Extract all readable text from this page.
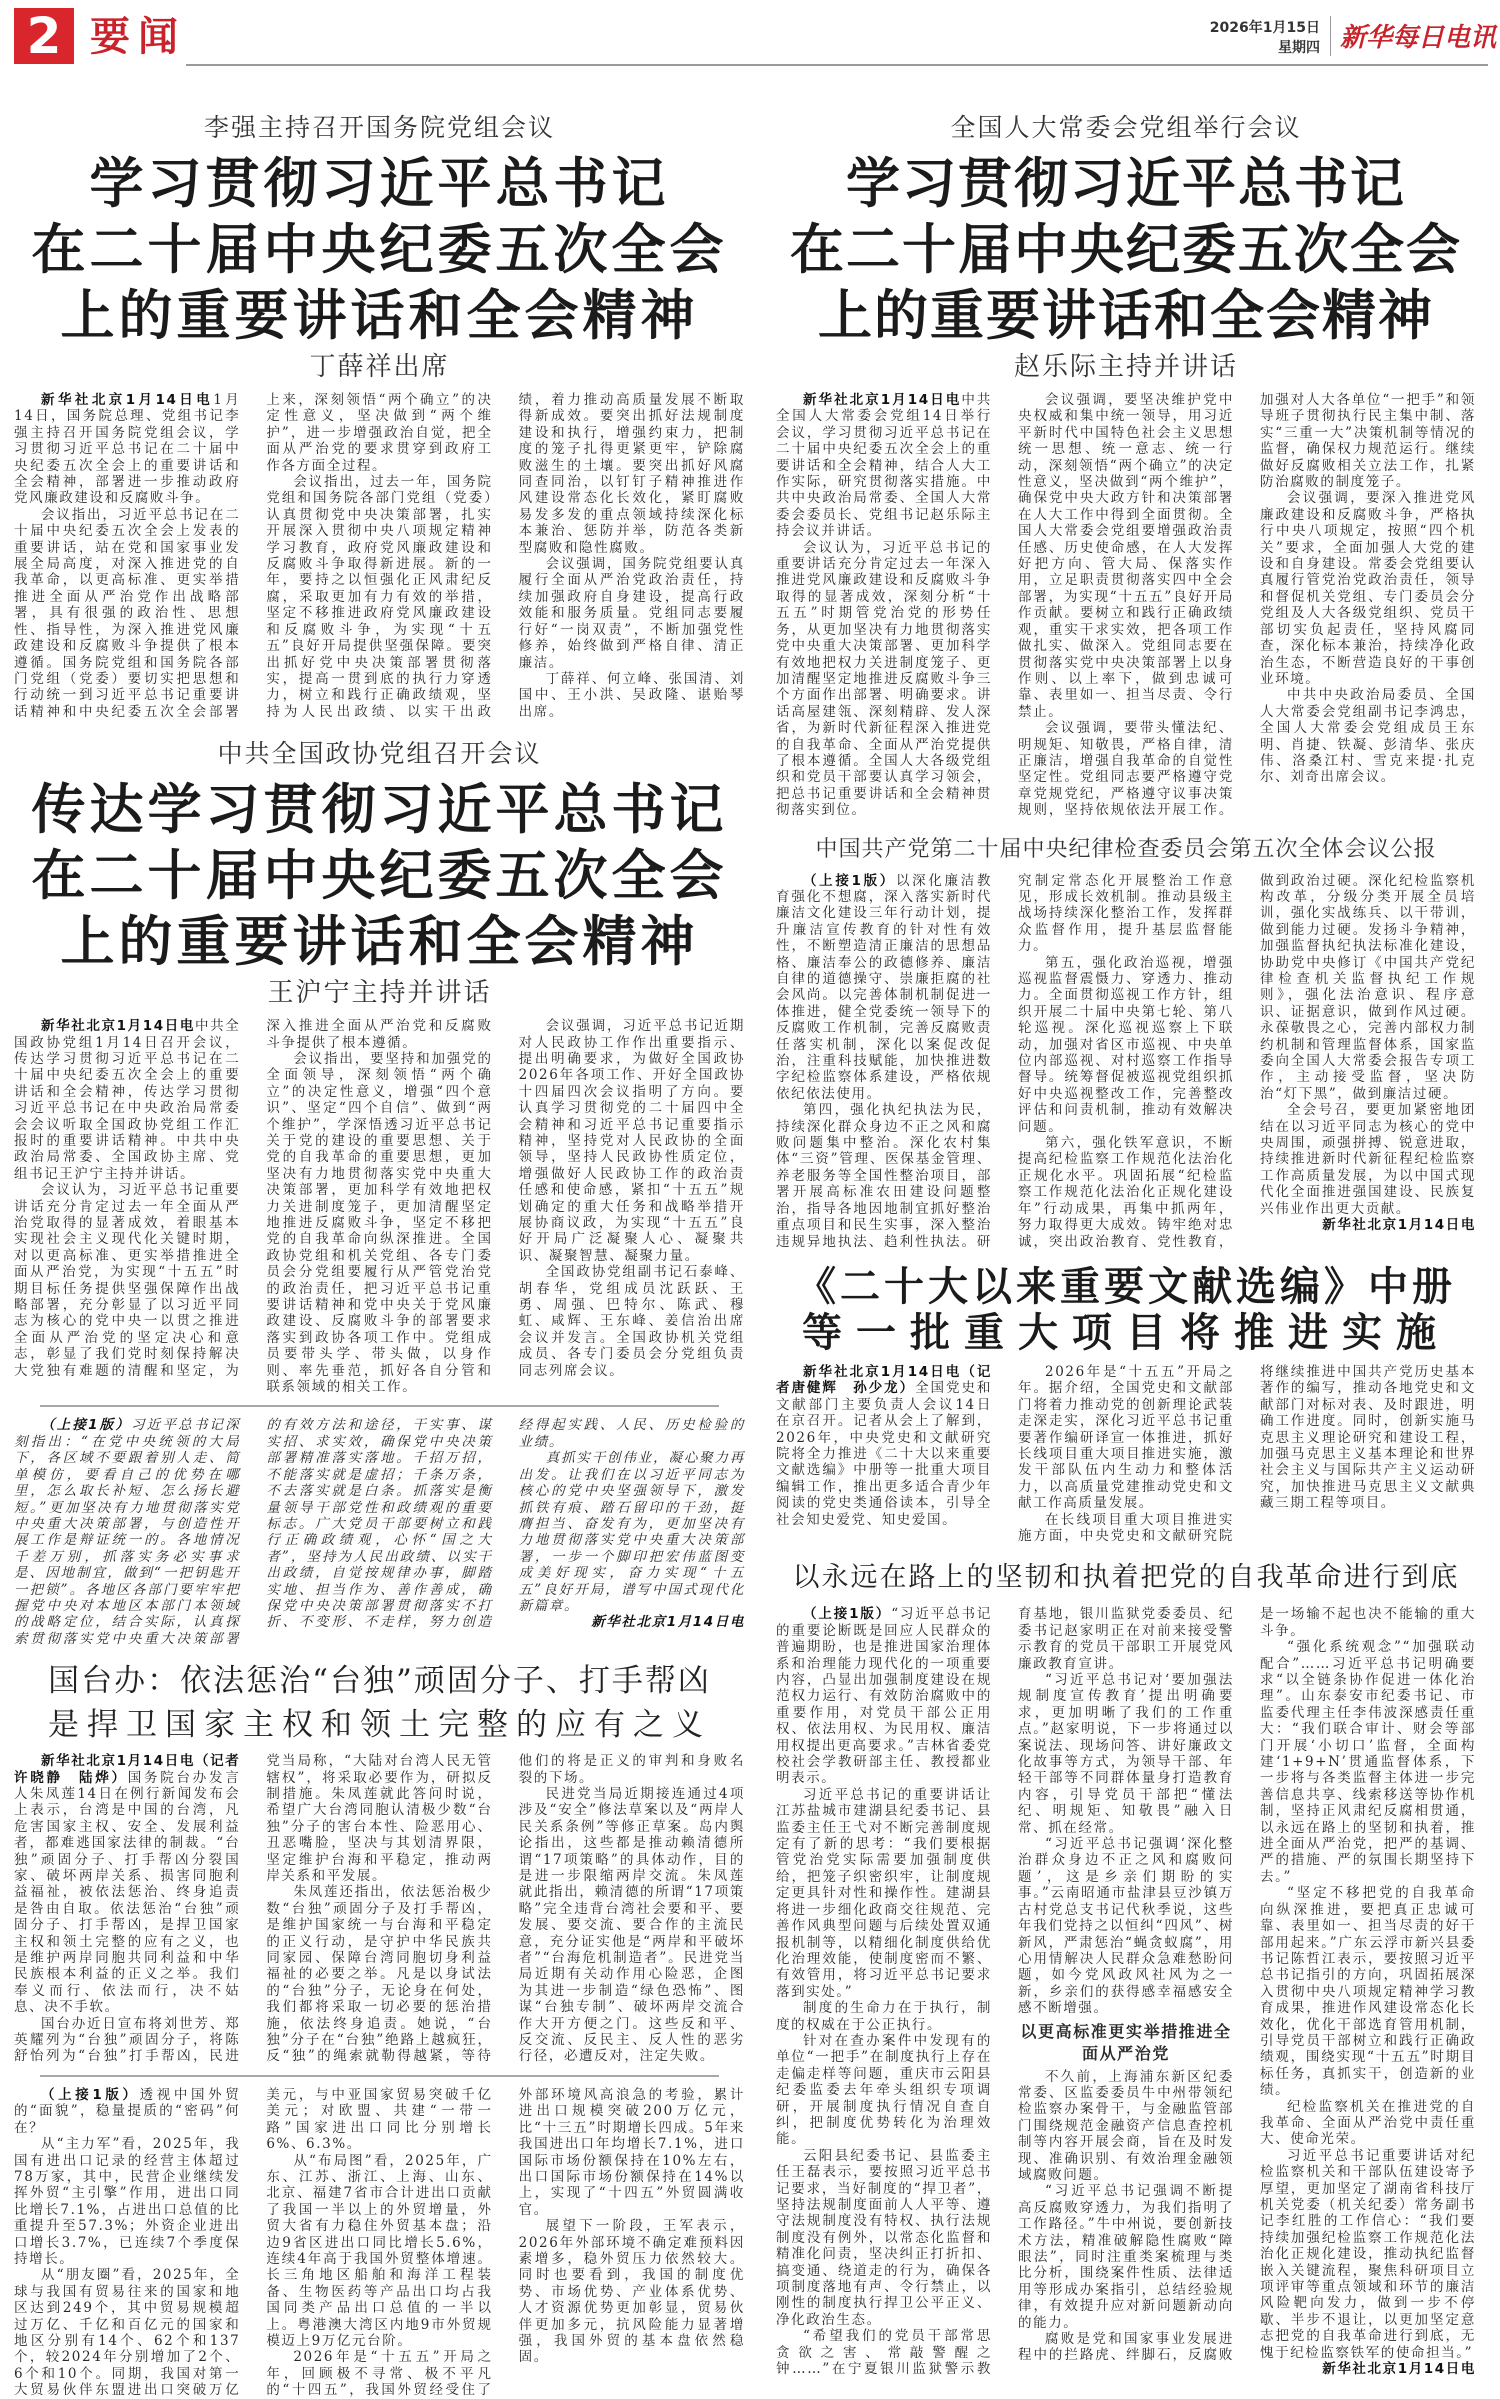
2 要闻	2026年1月15日
星期四 新华每日电讯
李强主持召开国务院党组会议
学习贯彻习近平总书记
在二十届中央纪委五次全会
上的重要讲话和全会精神
丁薛祥出席

新华社北京1月14日电1月14日，国务院总理、党组书记李强主持召开国务院党组会议，学习贯彻习近平总书记在二十届中央纪委五次全会上的重要讲话和全会精神，部署进一步推动政府党风廉政建设和反腐败斗争。

会议指出，习近平总书记在二十届中央纪委五次全会上发表的重要讲话，站在党和国家事业发展全局高度，对深入推进党的自我革命，以更高标准、更实举措推进全面从严治党作出战略部署，具有很强的政治性、思想性、指导性，为深入推进党风廉政建设和反腐败斗争提供了根本遵循。国务院党组和国务院各部门党组（党委）要切实把思想和行动统一到习近平总书记重要讲话精神和中央纪委五次全会部署上来，深刻领悟“两个确立”的决定性意义，坚决做到“两个维护”，进一步增强政治自觉，把全面从严治党的要求贯穿到政府工作各方面全过程。

会议指出，过去一年，国务院党组和国务院各部门党组（党委）认真贯彻党中央决策部署，扎实开展深入贯彻中央八项规定精神学习教育，政府党风廉政建设和反腐败斗争取得新进展。新的一年，要持之以恒强化正风肃纪反腐，采取更加有力有效的举措，坚定不移推进政府党风廉政建设和反腐败斗争，为实现“十五五”良好开局提供坚强保障。要突出抓好党中央决策部署贯彻落实，提高一贯到底的执行力穿透力，树立和践行正确政绩观，坚持为人民出政绩、以实干出政绩，着力推动高质量发展不断取得新成效。要突出抓好法规制度建设和执行，增强约束力，把制度的笼子扎得更紧更牢，铲除腐败滋生的土壤。要突出抓好风腐同查同治，以钉钉子精神推进作风建设常态化长效化，紧盯腐败易发多发的重点领域持续深化标本兼治、惩防并举，防范各类新型腐败和隐性腐败。

会议强调，国务院党组要认真履行全面从严治党政治责任，持续加强政府自身建设，提高行政效能和服务质量。党组同志要履行好“一岗双责”，不断加强党性修养，始终做到严格自律、清正廉洁。

丁薛祥、何立峰、张国清、刘国中、王小洪、吴政隆、谌贻琴出席。

中共全国政协党组召开会议
传达学习贯彻习近平总书记
在二十届中央纪委五次全会
上的重要讲话和全会精神
王沪宁主持并讲话

新华社北京1月14日电中共全国政协党组1月14日召开会议，传达学习贯彻习近平总书记在二十届中央纪委五次全会上的重要讲话和全会精神，传达学习贯彻习近平总书记在中央政治局常委会会议听取全国政协党组工作汇报时的重要讲话精神。中共中央政治局常委、全国政协主席、党组书记王沪宁主持并讲话。

会议认为，习近平总书记重要讲话充分肯定过去一年全面从严治党取得的显著成效，着眼基本实现社会主义现代化关键时期，对以更高标准、更实举措推进全面从严治党，为实现“十五五”时期目标任务提供坚强保障作出战略部署，充分彰显了以习近平同志为核心的党中央一以贯之推进全面从严治党的坚定决心和意志，彰显了我们党时刻保持解决大党独有难题的清醒和坚定，为深入推进全面从严治党和反腐败斗争提供了根本遵循。

会议指出，要坚持和加强党的全面领导，深刻领悟“两个确立”的决定性意义，增强“四个意识”、坚定“四个自信”、做到“两个维护”，学深悟透习近平总书记关于党的建设的重要思想、关于党的自我革命的重要思想，更加坚决有力地贯彻落实党中央重大决策部署，更加科学有效地把权力关进制度笼子，更加清醒坚定地推进反腐败斗争，坚定不移把党的自我革命向纵深推进。全国政协党组和机关党组、各专门委员会分党组要履行从严管党治党的政治责任，把习近平总书记重要讲话精神和党中央关于党风廉政建设、反腐败斗争的部署要求落实到政协各项工作中。党组成员要带头学、带头做，以身作则、率先垂范，抓好各自分管和联系领域的相关工作。

会议强调，习近平总书记近期对人民政协工作作出重要指示、提出明确要求，为做好全国政协2026年各项工作、开好全国政协十四届四次会议指明了方向。要认真学习贯彻党的二十届四中全会精神和习近平总书记重要指示精神，坚持党对人民政协的全面领导，坚持人民政协性质定位，增强做好人民政协工作的政治责任感和使命感，紧扣“十五五”规划确定的重大任务和战略举措开展协商议政，为实现“十五五”良好开局广泛凝聚人心、凝聚共识、凝聚智慧、凝聚力量。

全国政协党组副书记石泰峰、胡春华，党组成员沈跃跃、王勇、周强、巴特尔、陈武、穆虹、咸辉、王东峰、姜信治出席会议并发言。全国政协机关党组成员、各专门委员会分党组负责同志列席会议。

（上接1版）习近平总书记深刻指出：“在党中央统领的大局下，各区域不要跟着别人走、简单模仿，要看自己的优势在哪里，怎么取长补短、怎么扬长避短。”更加坚决有力地贯彻落实党中央重大决策部署，与创造性开展工作是辩证统一的。各地情况千差万别，抓落实务必实事求是、因地制宜，做到“一把钥匙开一把锁”。各地区各部门要牢牢把握党中央对本地区本部门本领域的战略定位，结合实际，认真探索贯彻落实党中央重大决策部署的有效方法和途径，干实事、谋实招、求实效，确保党中央决策部署精准落实落地。千招万招，不能落实就是虚招；千条万条，不去落实就是白条。抓落实是衡量领导干部党性和政绩观的重要标志。广大党员干部要树立和践行正确政绩观，心怀“国之大者”，坚持为人民出政绩、以实干出政绩，自觉按规律办事，脚踏实地、担当作为、善作善成，确保党中央决策部署贯彻落实不打折、不变形、不走样，努力创造经得起实践、人民、历史检验的业绩。

真抓实干创伟业，凝心聚力再出发。让我们在以习近平同志为核心的党中央坚强领导下，激发抓铁有痕、踏石留印的干劲，挺膺担当、奋发有为，更加坚决有力地贯彻落实党中央重大决策部署，一步一个脚印把宏伟蓝图变成美好现实，奋力实现“十五五”良好开局，谱写中国式现代化新篇章。

新华社北京1月14日电

国台办：依法惩治“台独”顽固分子、打手帮凶
是捍卫国家主权和领土完整的应有之义

新华社北京1月14日电（记者许晓静　陆烨）国务院台办发言人朱凤莲14日在例行新闻发布会上表示，台湾是中国的台湾，凡危害国家主权、安全、发展利益者，都难逃国家法律的制裁。“台独”顽固分子、打手帮凶分裂国家、破坏两岸关系、损害同胞利益福祉，被依法惩治、终身追责是咎由自取。依法惩治“台独”顽固分子、打手帮凶，是捍卫国家主权和领土完整的应有之义，也是维护两岸同胞共同利益和中华民族根本利益的正义之举。我们奉义而行、依法而行，决不姑息、决不手软。

国台办近日宣布将刘世芳、郑英耀列为“台独”顽固分子，将陈舒怡列为“台独”打手帮凶，民进党当局称，“大陆对台湾人民无管辖权”，将采取必要作为，研拟反制措施。朱凤莲就此答问时说，希望广大台湾同胞认清极少数“台独”分子的害台本性、险恶用心、丑恶嘴脸，坚决与其划清界限，坚定维护台海和平稳定，推动两岸关系和平发展。

朱凤莲还指出，依法惩治极少数“台独”顽固分子及打手帮凶，是维护国家统一与台海和平稳定的正义行动，是守护中华民族共同家园、保障台湾同胞切身利益福祉的必要之举。凡是以身试法的“台独”分子，无论身在何处，我们都将采取一切必要的惩治措施，依法终身追责。她说，“台独”分子在“台独”绝路上越疯狂，反“独”的绳索就勒得越紧，等待他们的将是正义的审判和身败名裂的下场。

民进党当局近期接连通过4项涉及“安全”修法草案以及“两岸人民关系条例”等修正草案。岛内舆论指出，这些都是推动赖清德所谓“17项策略”的具体动作，目的是进一步限缩两岸交流。朱凤莲就此指出，赖清德的所谓“17项策略”完全违背台湾社会要和平、要发展、要交流、要合作的主流民意，充分证实他是“两岸和平破坏者”“台海危机制造者”。民进党当局近期有关动作用心险恶，企图为其进一步制造“绿色恐怖”、图谋“台独专制”、破坏两岸交流合作大开方便之门。这些反和平、反交流、反民主、反人性的恶劣行径，必遭反对，注定失败。

（上接1版）透视中国外贸的“面貌”，稳量提质的“密码”何在？

从“主力军”看，2025年，我国有进出口记录的经营主体超过78万家，其中，民营企业继续发挥外贸“主引擎”作用，进出口同比增长7.1%，占进出口总值的比重提升至57.3%；外资企业进出口增长3.7%，已连续7个季度保持增长。

从“朋友圈”看，2025年，全球与我国有贸易往来的国家和地区达到249个，其中贸易规模超过万亿、千亿和百亿元的国家和地区分别有14个、62个和137个，较2024年分别增加了2个、6个和10个。同期，我国对第一大贸易伙伴东盟进出口突破万亿美元，与中亚国家贸易突破千亿美元；对欧盟、共建“一带一路”国家进出口同比分别增长6%、6.3%。

从“布局图”看，2025年，广东、江苏、浙江、上海、山东、北京、福建7省市合计进出口贡献了我国一半以上的外贸增量，外贸大省有力稳住外贸基本盘；沿边9省区进出口同比增长5.6%，连续4年高于我国外贸整体增速。长三角地区船舶和海洋工程装备、生物医药等产品出口均占我国同类产品出口总值的一半以上。粤港澳大湾区内地9市外贸规模迈上9万亿元台阶。

2026年是“十五五”开局之年，回顾极不寻常、极不平凡的“十四五”，我国外贸经受住了外部环境风高浪急的考验，累计进出口规模突破200万亿元，比“十三五”时期增长四成。5年来我国进出口年均增长7.1%，进口国际市场份额保持在10%左右，出口国际市场份额保持在14%以上，实现了“十四五”外贸圆满收官。

展望下一阶段，王军表示，2026年外部环境不确定难预料因素增多，稳外贸压力依然较大。同时也要看到，我国的制度优势、市场优势、产业体系优势、人才资源优势更加彰显，贸易伙伴更加多元，抗风险能力显著增强，我国外贸的基本盘依然稳固。

全国人大常委会党组举行会议
学习贯彻习近平总书记
在二十届中央纪委五次全会
上的重要讲话和全会精神
赵乐际主持并讲话

新华社北京1月14日电中共全国人大常委会党组14日举行会议，学习贯彻习近平总书记在二十届中央纪委五次全会上的重要讲话和全会精神，结合人大工作实际，研究贯彻落实措施。中共中央政治局常委、全国人大常委会委员长、党组书记赵乐际主持会议并讲话。

会议认为，习近平总书记的重要讲话充分肯定过去一年深入推进党风廉政建设和反腐败斗争取得的显著成效，深刻分析“十五五”时期管党治党的形势任务，从更加坚决有力地贯彻落实党中央重大决策部署、更加科学有效地把权力关进制度笼子、更加清醒坚定地推进反腐败斗争三个方面作出部署、明确要求。讲话高屋建瓴、深刻精辟、发人深省，为新时代新征程深入推进党的自我革命、全面从严治党提供了根本遵循。全国人大各级党组织和党员干部要认真学习领会，把总书记重要讲话和全会精神贯彻落实到位。

会议强调，要坚决维护党中央权威和集中统一领导，用习近平新时代中国特色社会主义思想统一思想、统一意志、统一行动，深刻领悟“两个确立”的决定性意义，坚决做到“两个维护”，确保党中央大政方针和决策部署在人大工作中得到全面贯彻。全国人大常委会党组要增强政治责任感、历史使命感，在人大发挥好把方向、管大局、保落实作用，立足职责贯彻落实四中全会部署，为实现“十五五”良好开局作贡献。要树立和践行正确政绩观，重实干求实效，把各项工作做扎实、做深入。党组同志要在贯彻落实党中央决策部署上以身作则、以上率下，做到忠诚可靠、表里如一、担当尽责、令行禁止。

会议强调，要带头懂法纪、明规矩、知敬畏，严格自律，清正廉洁，增强自我革命的自觉性坚定性。党组同志要严格遵守党章党规党纪，严格遵守议事决策规则，坚持依规依法开展工作。加强对人大各单位“一把手”和领导班子贯彻执行民主集中制、落实“三重一大”决策机制等情况的监督，确保权力规范运行。继续做好反腐败相关立法工作，扎紧防治腐败的制度笼子。

会议强调，要深入推进党风廉政建设和反腐败斗争，严格执行中央八项规定，按照“四个机关”要求，全面加强人大党的建设和自身建设。常委会党组要认真履行管党治党政治责任，领导和督促机关党组、专门委员会分党组及人大各级党组织、党员干部切实负起责任，坚持风腐同查，深化标本兼治，持续净化政治生态，不断营造良好的干事创业环境。

中共中央政治局委员、全国人大常委会党组副书记李鸿忠，全国人大常委会党组成员王东明、肖捷、铁凝、彭清华、张庆伟、洛桑江村、雪克来提·扎克尔、刘奇出席会议。

中国共产党第二十届中央纪律检查委员会第五次全体会议公报

（上接1版）以深化廉洁教育强化不想腐，深入落实新时代廉洁文化建设三年行动计划，提升廉洁宣传教育的针对性有效性，不断塑造清正廉洁的思想品格、廉洁奉公的政德修养、廉洁自律的道德操守、崇廉拒腐的社会风尚。以完善体制机制促进一体推进，健全党委统一领导下的反腐败工作机制，完善反腐败责任落实机制，深化以案促改促治，注重科技赋能，加快推进数字纪检监察体系建设，严格依规依纪依法使用。

第四，强化执纪执法为民，持续深化群众身边不正之风和腐败问题集中整治。深化农村集体“三资”管理、医保基金管理、养老服务等全国性整治项目，部署开展高标准农田建设问题整治，指导各地因地制宜抓好整治重点项目和民生实事，深入整治违规异地执法、趋利性执法。研究制定常态化开展整治工作意见，形成长效机制。推动县级主战场持续深化整治工作，发挥群众监督作用，提升基层监督能力。

第五，强化政治巡视，增强巡视监督震慑力、穿透力、推动力。全面贯彻巡视工作方针，组织开展二十届中央第七轮、第八轮巡视。深化巡视巡察上下联动，加强对省区市巡视、中央单位内部巡视、对村巡察工作指导督导。统筹督促被巡视党组织抓好中央巡视整改工作，完善整改评估和问责机制，推动有效解决问题。

第六，强化铁军意识，不断提高纪检监察工作规范化法治化正规化水平。巩固拓展“纪检监察工作规范化法治化正规化建设年”行动成果，再集中抓两年，努力取得更大成效。铸牢绝对忠诚，突出政治教育、党性教育，做到政治过硬。深化纪检监察机构改革，分级分类开展全员培训，强化实战练兵、以干带训，做到能力过硬。发扬斗争精神，加强监督执纪执法标准化建设，协助党中央修订《中国共产党纪律检查机关监督执纪工作规则》，强化法治意识、程序意识、证据意识，做到作风过硬。永葆敬畏之心，完善内部权力制约机制和管理监督体系，国家监委向全国人大常委会报告专项工作，主动接受监督，坚决防治“灯下黑”，做到廉洁过硬。

全会号召，要更加紧密地团结在以习近平同志为核心的党中央周围，顽强拼搏、锐意进取，持续推进新时代新征程纪检监察工作高质量发展，为以中国式现代化全面推进强国建设、民族复兴伟业作出更大贡献。

新华社北京1月14日电

《二十大以来重要文献选编》中册
等一批重大项目将推进实施

新华社北京1月14日电（记者唐健辉　孙少龙）全国党史和文献部门主要负责人会议14日在京召开。记者从会上了解到，2026年，中央党史和文献研究院将全力推进《二十大以来重要文献选编》中册等一批重大项目编辑工作，推出更多适合青少年阅读的党史类通俗读本，引导全社会知史爱党、知史爱国。

2026年是“十五五”开局之年。据介绍，全国党史和文献部门将着力推动党的创新理论武装走深走实，深化习近平总书记重要著作编研译宣一体推进，抓好长线项目重大项目推进实施，激发干部队伍内生动力和整体活力，以高质量党建推动党史和文献工作高质量发展。

在长线项目重大项目推进实施方面，中央党史和文献研究院将继续推进中国共产党历史基本著作的编写，推动各地党史和文献部门对标对表、及时跟进，明确工作进度。同时，创新实施马克思主义理论研究和建设工程，加强马克思主义基本理论和世界社会主义与国际共产主义运动研究，加快推进马克思主义文献典藏三期工程等项目。

以永远在路上的坚韧和执着把党的自我革命进行到底

（上接1版）“习近平总书记的重要论断既是回应人民群众的普遍期盼，也是推进国家治理体系和治理能力现代化的一项重要内容，凸显出加强制度建设在规范权力运行、有效防治腐败中的重要作用，对党员干部公正用权、依法用权、为民用权、廉洁用权提出更高要求。”吉林省委党校社会学教研部主任、教授都业明表示。

习近平总书记的重要讲话让江苏盐城市建湖县纪委书记、县监委主任王弋对不断完善制度规定有了新的思考：“我们要根据管党治党实际需要加强制度供给，把笼子织密织牢，让制度规定更具针对性和操作性。建湖县将进一步细化政商交往规范、完善作风典型问题与后续处置双通报机制等，以精细化制度供给优化治理效能，使制度密而不繁、有效管用，将习近平总书记要求落到实处。”

制度的生命力在于执行，制度的权威在于公正执行。

针对在查办案件中发现有的单位“一把手”在制度执行上存在走偏走样等问题，重庆市云阳县纪委监委去年牵头组织专项调研，开展制度执行情况自查自纠，把制度优势转化为治理效能。

云阳县纪委书记、县监委主任王磊表示，要按照习近平总书记要求，当好制度的“捍卫者”，坚持法规制度面前人人平等、遵守法规制度没有特权、执行法规制度没有例外，以常态化监督和精准化问责，坚决纠正打折扣、搞变通、绕道走的行为，确保各项制度落地有声、令行禁止，以刚性的制度执行捍卫公平正义、净化政治生态。

“希望我们的党员干部常思贪欲之害、常敲警醒之钟……”在宁夏银川监狱警示教育基地，银川监狱党委委员、纪委书记赵家明正在对前来接受警示教育的党员干部职工开展党风廉政教育宣讲。

“习近平总书记对‘要加强法规制度宣传教育’提出明确要求，更加明晰了我们的工作重点。”赵家明说，下一步将通过以案说法、现场问答、讲好廉政文化故事等方式，为领导干部、年轻干部等不同群体量身打造教育内容，引导党员干部把“懂法纪、明规矩、知敬畏”融入日常、抓在经常。

“习近平总书记强调‘深化整治群众身边不正之风和腐败问题’，这是乡亲们期盼的实事。”云南昭通市盐津县豆沙镇万古村党总支书记代秋季说，这些年我们党持之以恒纠“四风”、树新风，严肃惩治“蝇贪蚁腐”，用心用情解决人民群众急难愁盼问题，如今党风政风社风为之一新，乡亲们的获得感幸福感安全感不断增强。

以更高标准更实举措推进全面从严治党

不久前，上海浦东新区纪委常委、区监委委员牛中州带领纪检监察办案骨干，与金融监管部门围绕规范金融资产信息查控机制等内容开展会商，旨在及时发现、准确识别、有效治理金融领域腐败问题。

“习近平总书记强调不断提高反腐败穿透力，为我们指明了工作路径。”牛中州说，要创新技术方法，精准破解隐性腐败“障眼法”，同时注重类案梳理与类比分析，围绕案件性质、法律适用等形成办案指引，总结经验规律，有效提升应对新问题新动向的能力。

腐败是党和国家事业发展进程中的拦路虎、绊脚石，反腐败是一场输不起也决不能输的重大斗争。

“强化系统观念”“加强联动配合”……习近平总书记明确要求“以全链条协作促进一体化治理”。山东泰安市纪委书记、市监委代理主任李伟波深感责任重大：“我们联合审计、财会等部门开展‘小切口’监督，全面构建‘1+9+N’贯通监督体系，下一步将与各类监督主体进一步完善信息共享、线索移送等协作机制，坚持正风肃纪反腐相贯通，以永远在路上的坚韧和执着，推进全面从严治党，把严的基调、严的措施、严的氛围长期坚持下去。”

“坚定不移把党的自我革命向纵深推进，要把真正忠诚可靠、表里如一、担当尽责的好干部用起来。”广东云浮市新兴县委书记陈哲江表示，要按照习近平总书记指引的方向，巩固拓展深入贯彻中央八项规定精神学习教育成果，推进作风建设常态化长效化，优化干部选育管用机制，引导党员干部树立和践行正确政绩观，围绕实现“十五五”时期目标任务，真抓实干，创造新的业绩。

纪检监察机关在推进党的自我革命、全面从严治党中责任重大、使命光荣。

习近平总书记重要讲话对纪检监察机关和干部队伍建设寄予厚望，更加坚定了湖南省科技厅机关党委（机关纪委）常务副书记李红胜的工作信心：“我们要持续加强纪检监察工作规范化法治化正规化建设，推动执纪监督嵌入关键流程，聚焦科研项目立项评审等重点领域和环节的廉洁风险靶向发力，做到一步不停歇、半步不退让，以更加坚定意志把党的自我革命进行到底，无愧于纪检监察铁军的使命担当。”

新华社北京1月14日电
